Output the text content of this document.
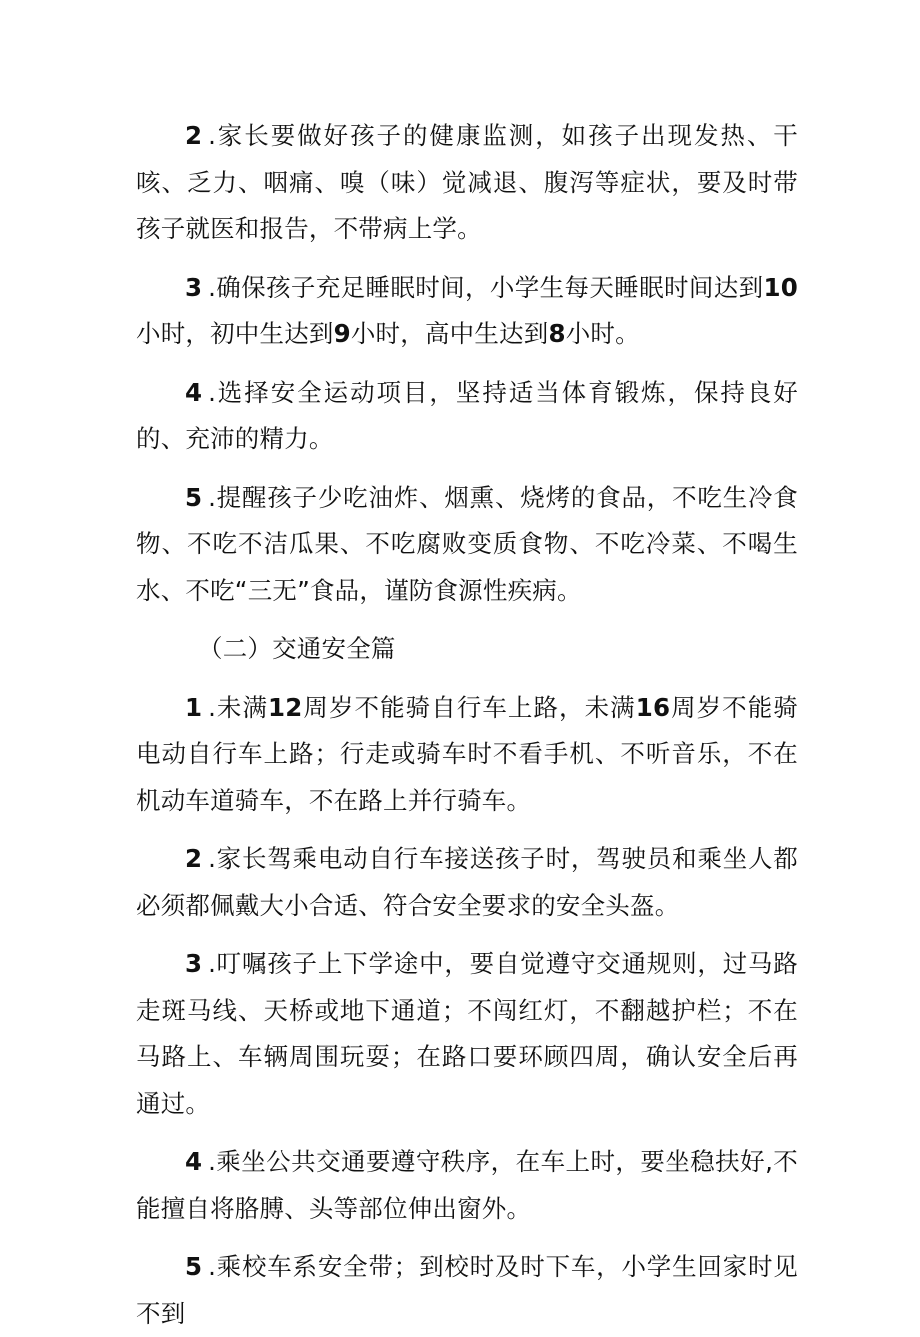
2.家长要做好孩子的健康监测，如孩子出现发热、干咳、乏力、咽痛、嗅（味）觉减退、腹泻等症状，要及时带孩子就医和报告，不带病上学。

3.确保孩子充足睡眠时间，小学生每天睡眠时间达到10小时，初中生达到9小时，高中生达到8小时。

4.选择安全运动项目，坚持适当体育锻炼，保持良好的、充沛的精力。

5.提醒孩子少吃油炸、烟熏、烧烤的食品，不吃生冷食物、不吃不洁瓜果、不吃腐败变质食物、不吃冷菜、不喝生水、不吃“三无”食品，谨防食源性疾病。

（二）交通安全篇

1.未满12周岁不能骑自行车上路，未满16周岁不能骑电动自行车上路；行走或骑车时不看手机、不听音乐，不在机动车道骑车，不在路上并行骑车。

2.家长驾乘电动自行车接送孩子时，驾驶员和乘坐人都必须都佩戴大小合适、符合安全要求的安全头盔。

3.叮嘱孩子上下学途中，要自觉遵守交通规则，过马路走斑马线、天桥或地下通道；不闯红灯，不翻越护栏；不在马路上、车辆周围玩耍；在路口要环顾四周，确认安全后再通过。

4.乘坐公共交通要遵守秩序，在车上时，要坐稳扶好,不能擅自将胳膊、头等部位伸出窗外。

5.乘校车系安全带；到校时及时下车，小学生回家时见不到
